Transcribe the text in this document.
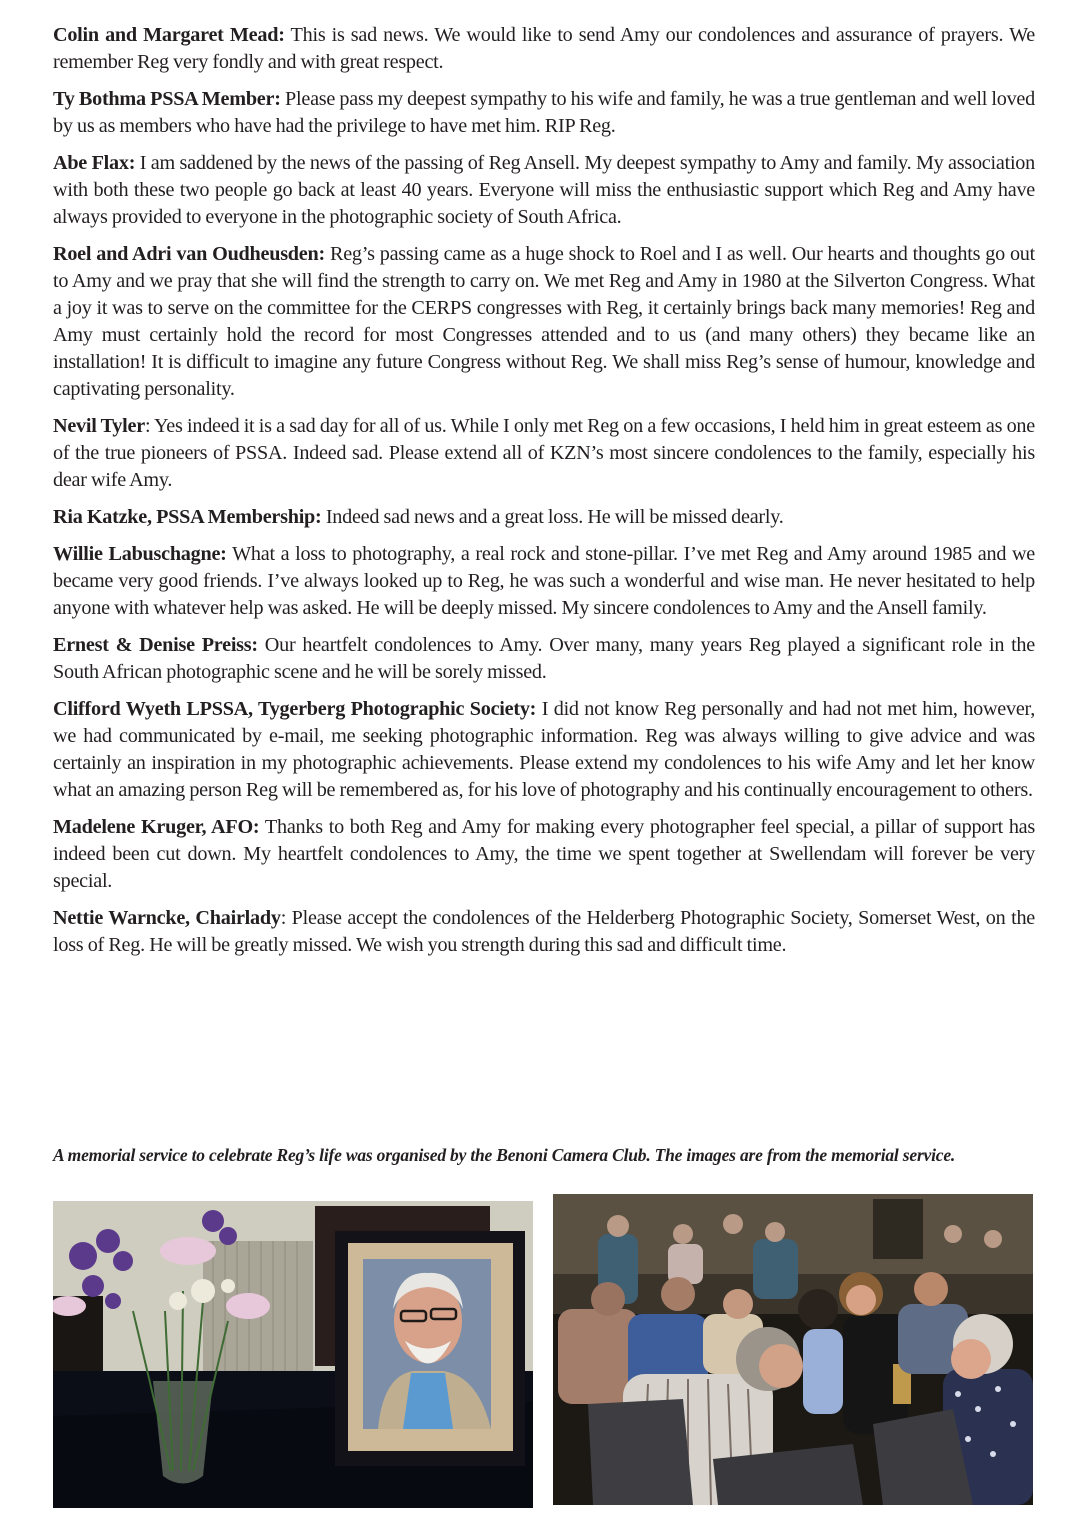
Colin and Margaret Mead: This is sad news. We would like to send Amy our condolences and assurance of prayers. We remember Reg very fondly and with great respect.

Ty Bothma PSSA Member: Please pass my deepest sympathy to his wife and family, he was a true gentleman and well loved by us as members who have had the privilege to have met him. RIP Reg.

Abe Flax: I am saddened by the news of the passing of Reg Ansell. My deepest sympathy to Amy and family. My association with both these two people go back at least 40 years. Everyone will miss the enthusiastic support which Reg and Amy have always provided to everyone in the photographic society of South Africa.

Roel and Adri van Oudheusden: Reg’s passing came as a huge shock to Roel and I as well. Our hearts and thoughts go out to Amy and we pray that she will find the strength to carry on. We met Reg and Amy in 1980 at the Silverton Congress. What a joy it was to serve on the committee for the CERPS congresses with Reg, it certainly brings back many memories! Reg and Amy must certainly hold the record for most Congresses attended and to us (and many others) they became like an installation! It is difficult to imagine any future Congress without Reg. We shall miss Reg’s sense of humour, knowledge and captivating personality.

Nevil Tyler: Yes indeed it is a sad day for all of us. While I only met Reg on a few occasions, I held him in great esteem as one of the true pioneers of PSSA. Indeed sad. Please extend all of KZN’s most sincere condolences to the family, especially his dear wife Amy.

Ria Katzke, PSSA Membership: Indeed sad news and a great loss. He will be missed dearly.

Willie Labuschagne: What a loss to photography, a real rock and stone-pillar. I’ve met Reg and Amy around 1985 and we became very good friends. I’ve always looked up to Reg, he was such a wonderful and wise man. He never hesitated to help anyone with whatever help was asked. He will be deeply missed. My sincere condolences to Amy and the Ansell family.

Ernest & Denise Preiss: Our heartfelt condolences to Amy. Over many, many years Reg played a significant role in the South African photographic scene and he will be sorely missed.

Clifford Wyeth LPSSA, Tygerberg Photographic Society: I did not know Reg personally and had not met him, however, we had communicated by e-mail, me seeking photographic information. Reg was always willing to give advice and was certainly an inspiration in my photographic achievements. Please extend my condolences to his wife Amy and let her know what an amazing person Reg will be remembered as, for his love of photography and his continually encouragement to others.

Madelene Kruger, AFO: Thanks to both Reg and Amy for making every photographer feel special, a pillar of support has indeed been cut down. My heartfelt condolences to Amy, the time we spent together at Swellendam will forever be very special.

Nettie Warncke, Chairlady: Please accept the condolences of the Helderberg Photographic Society, Somerset West, on the loss of Reg. He will be greatly missed. We wish you strength during this sad and difficult time.

A memorial service to celebrate Reg’s life was organised by the Benoni Camera Club. The images are from the memorial service.
